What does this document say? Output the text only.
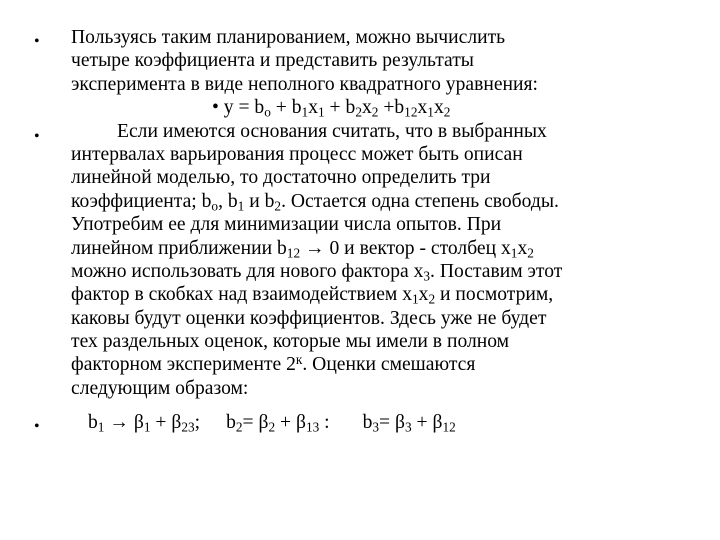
•
•
•
Пользуясь таким планированием, можно вычислить
четыре коэффициента и представить результаты
эксперимента в виде неполного квадратного уравнения:
• $y = b_o + b_1x_1 + b_2x_2 +b_{12}x_1x_2$
Если имеются основания считать, что в выбранных
интервалах варьирования процесс может быть описан
линейной моделью, то достаточно определить три
коэффициента; $b_o$, $b_1$ и $b_2$. Остается одна степень свободы.
Употребим ее для минимизации числа опытов. При
линейном приближении $b_{12} \to 0$ и вектор - столбец $x_1x_2$
можно использовать для нового фактора $x_3$. Поставим этот
фактор в скобках над взаимодействием $x_1x_2$ и посмотрим,
каковы будут оценки коэффициентов. Здесь уже не будет
тех раздельных оценок, которые мы имели в полном
факторном эксперименте $2^к$. Оценки смешаются
следующим образом:
$b_1 \to \beta_1 + \beta_{23}$; $b_2= \beta_2 + \beta_{13}$ : $b_3= \beta_3 + \beta_{12}$
